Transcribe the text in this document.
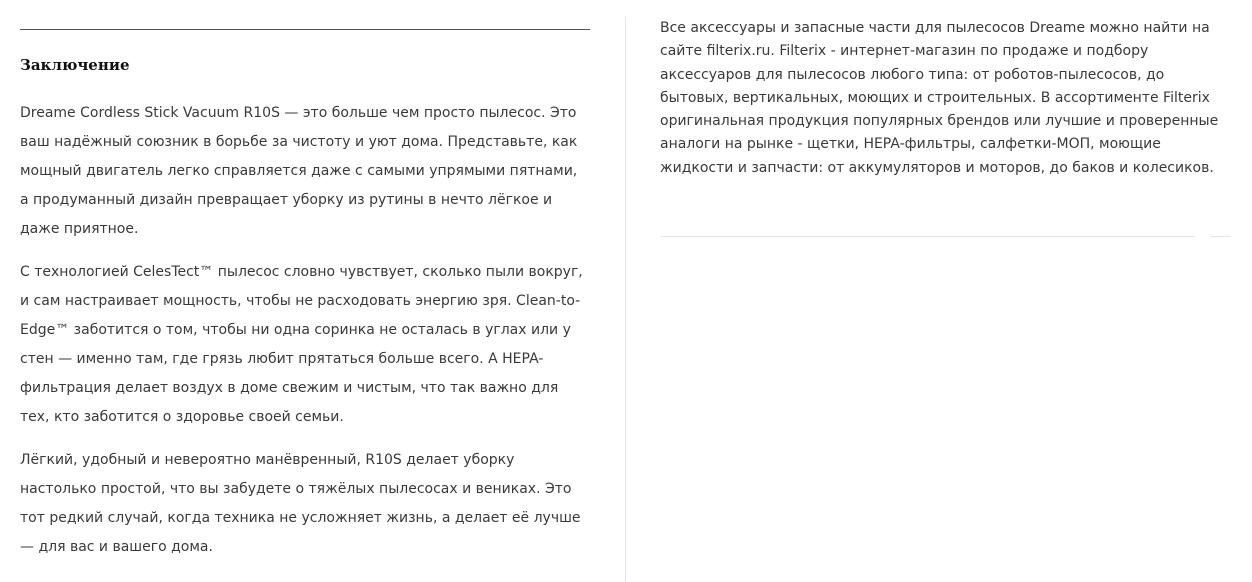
Заключение

Dreame Cordless Stick Vacuum R10S — это больше чем просто пылесос. Это ваш надёжный союзник в борьбе за чистоту и уют дома. Представьте, как мощный двигатель легко справляется даже с самыми упрямыми пятнами, а продуманный дизайн превращает уборку из рутины в нечто лёгкое и даже приятное.

С технологией CelesTect™ пылесос словно чувствует, сколько пыли вокруг, и сам настраивает мощность, чтобы не расходовать энергию зря. Clean-to-Edge™ заботится о том, чтобы ни одна соринка не осталась в углах или у стен — именно там, где грязь любит прятаться больше всего. А HEPA-фильтрация делает воздух в доме свежим и чистым, что так важно для тех, кто заботится о здоровье своей семьи.

Лёгкий, удобный и невероятно манёвренный, R10S делает уборку настолько простой, что вы забудете о тяжёлых пылесосах и вениках. Это тот редкий случай, когда техника не усложняет жизнь, а делает её лучше — для вас и вашего дома.

Все аксессуары и запасные части для пылесосов Dreame можно найти на сайте filterix.ru. Filterix - интернет-магазин по продаже и подбору аксессуаров для пылесосов любого типа: от роботов-пылесосов, до бытовых, вертикальных, моющих и строительных. В ассортименте Filterix оригинальная продукция популярных брендов или лучшие и проверенные аналоги на рынке - щетки, HEPA-фильтры, салфетки-МОП, моющие жидкости и запчасти: от аккумуляторов и моторов, до баков и колесиков.
